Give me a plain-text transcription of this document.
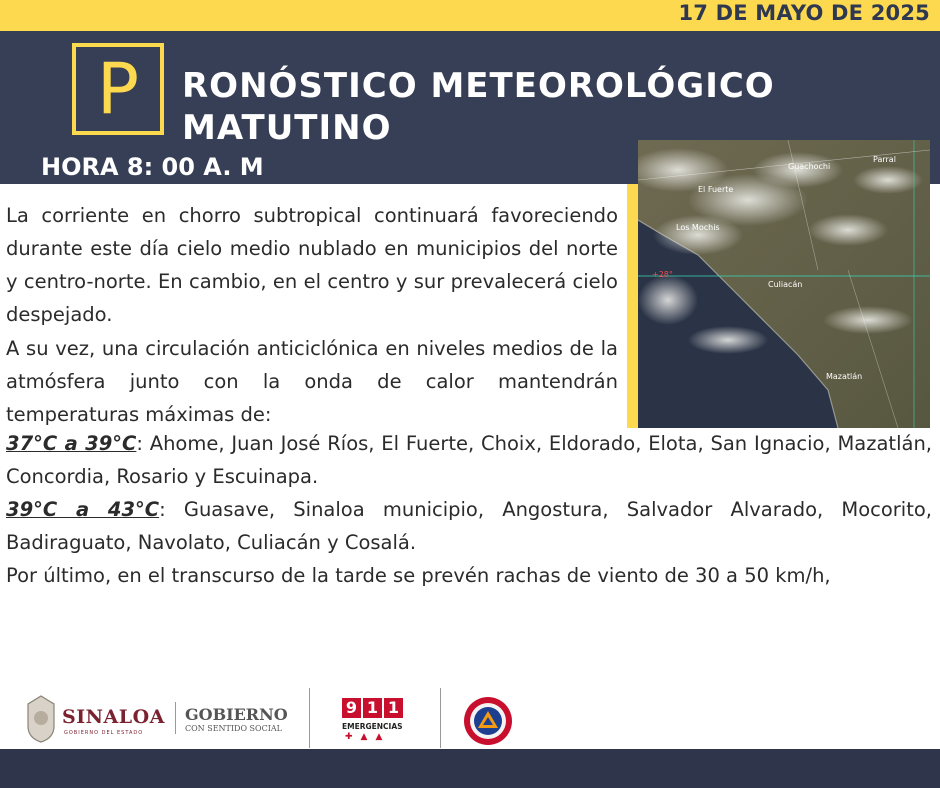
17 DE MAYO DE 2025
P	RONÓSTICO METEOROLÓGICO
MATUTINO
HORA 8: 00 A. M	Guachochi
Parral
El Fuerte
Los Mochis
+28°
Culiacán
Mazatlán
La corriente en chorro subtropical continuará favoreciendo durante este día cielo medio nublado en municipios del norte y centro-norte. En cambio, en el centro y sur prevalecerá cielo despejado.
A su vez, una circulación anticiclónica en niveles medios de la atmósfera junto con la onda de calor mantendrán temperaturas máximas de:
37°C a 39°C: Ahome, Juan José Ríos, El Fuerte, Choix, Eldorado, Elota, San Ignacio, Mazatlán, Concordia, Rosario y Escuinapa.
39°C a 43°C: Guasave, Sinaloa municipio, Angostura, Salvador Alvarado, Mocorito, Badiraguato, Navolato, Culiacán y Cosalá.
Por último, en el transcurso de la tarde se prevén rachas de viento de 30 a 50 km/h,
SINALOA
GOBIERNO DEL ESTADO
GOBIERNO
CON SENTIDO SOCIAL
9 1 1
EMERGENCIAS
✚▲▲
